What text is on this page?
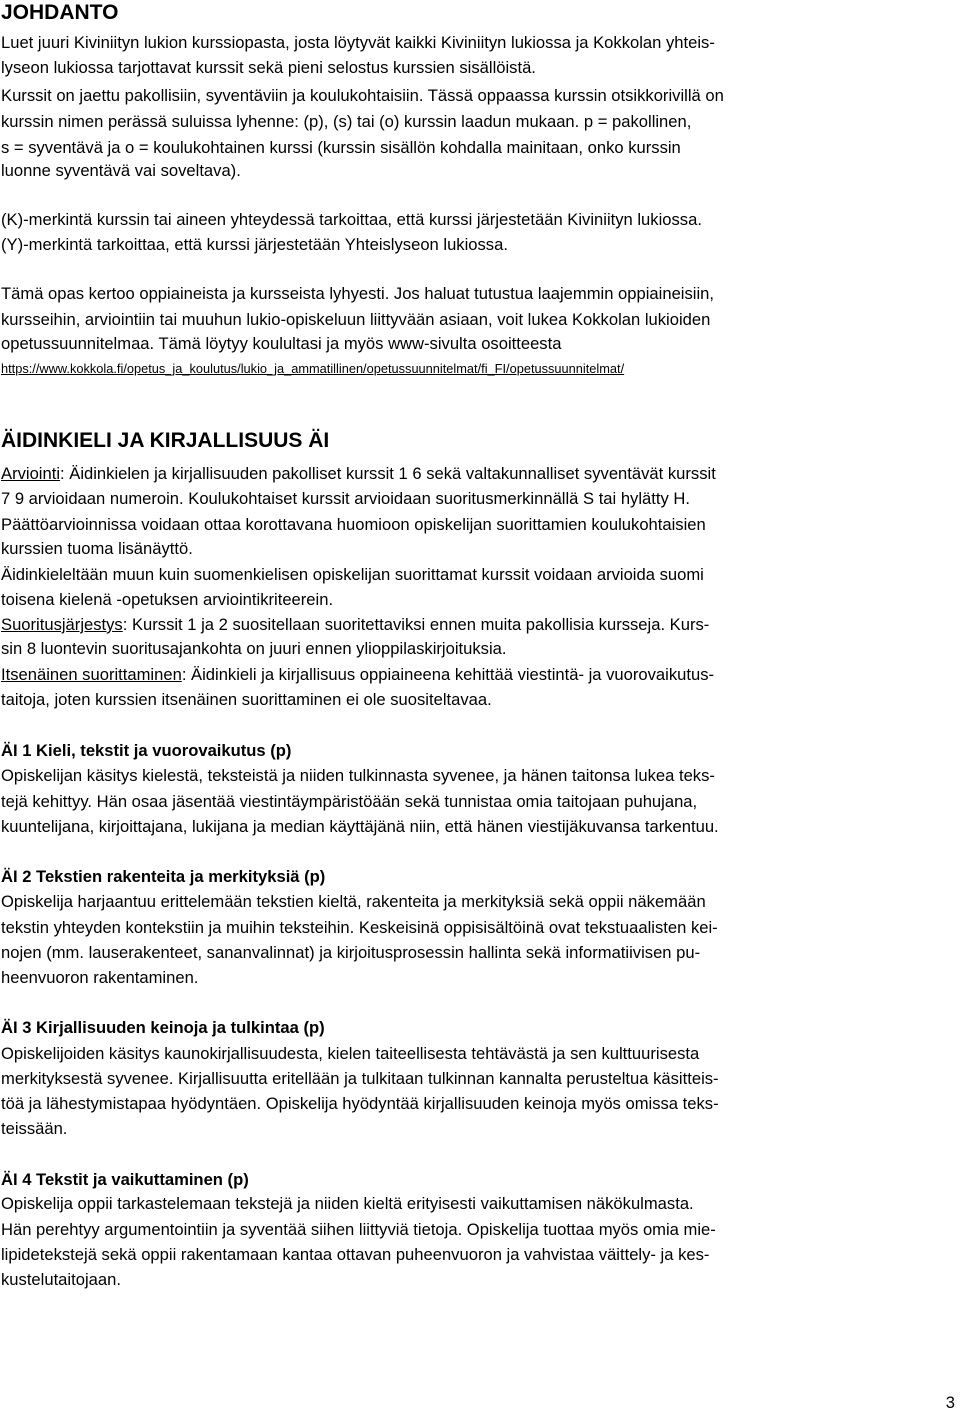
JOHDANTO
Luet juuri Kiviniityn lukion kurssiopasta, josta löytyvät kaikki Kiviniityn lukiossa ja Kokkolan yhteis-
lyseon lukiossa tarjottavat kurssit sekä pieni selostus kurssien sisällöistä.
Kurssit on jaettu pakollisiin, syventäviin ja koulukohtaisiin. Tässä oppaassa kurssin otsikkorivillä on
kurssin nimen perässä suluissa lyhenne: (p), (s) tai (o) kurssin laadun mukaan. p = pakollinen,
s = syventävä ja o = koulukohtainen kurssi (kurssin sisällön kohdalla mainitaan, onko kurssin
luonne syventävä vai soveltava).
(K)-merkintä kurssin tai aineen yhteydessä tarkoittaa, että kurssi järjestetään Kiviniityn lukiossa.
(Y)-merkintä tarkoittaa, että kurssi järjestetään Yhteislyseon lukiossa.
Tämä opas kertoo oppiaineista ja kursseista lyhyesti. Jos haluat tutustua laajemmin oppiaineisiin,
kursseihin, arviointiin tai muuhun lukio-opiskeluun liittyvään asiaan, voit lukea Kokkolan lukioiden
opetussuunnitelmaa. Tämä löytyy koulultasi ja myös www-sivulta osoitteesta
https://www.kokkola.fi/opetus_ja_koulutus/lukio_ja_ammatillinen/opetussuunnitelmat/fi_FI/opetussuunnitelmat/
ÄIDINKIELI JA KIRJALLISUUS ÄI
Arviointi: Äidinkielen ja kirjallisuuden pakolliset kurssit 1 6 sekä valtakunnalliset syventävät kurssit
7 9 arvioidaan numeroin. Koulukohtaiset kurssit arvioidaan suoritusmerkinnällä S tai hylätty H.
Päättöarvioinnissa voidaan ottaa korottavana huomioon opiskelijan suorittamien koulukohtaisien
kurssien tuoma lisänäyttö.
Äidinkieleltään muun kuin suomenkielisen opiskelijan suorittamat kurssit voidaan arvioida suomi
toisena kielenä -opetuksen arviointikriteerein.
Suoritusjärjestys: Kurssit 1 ja 2 suositellaan suoritettaviksi ennen muita pakollisia kursseja. Kurs-
sin 8 luontevin suoritusajankohta on juuri ennen ylioppilaskirjoituksia.
Itsenäinen suorittaminen: Äidinkieli ja kirjallisuus oppiaineena kehittää viestintä- ja vuorovaikutus-
taitoja, joten kurssien itsenäinen suorittaminen ei ole suositeltavaa.
ÄI 1 Kieli, tekstit ja vuorovaikutus (p)
Opiskelijan käsitys kielestä, teksteistä ja niiden tulkinnasta syvenee, ja hänen taitonsa lukea teks-
tejä kehittyy. Hän osaa jäsentää viestintäympäristöään sekä tunnistaa omia taitojaan puhujana,
kuuntelijana, kirjoittajana, lukijana ja median käyttäjänä niin, että hänen viestijäkuvansa tarkentuu.
ÄI 2 Tekstien rakenteita ja merkityksiä (p)
Opiskelija harjaantuu erittelemään tekstien kieltä, rakenteita ja merkityksiä sekä oppii näkemään
tekstin yhteyden kontekstiin ja muihin teksteihin. Keskeisinä oppisisältöinä ovat tekstuaalisten kei-
nojen (mm. lauserakenteet, sananvalinnat) ja kirjoitusprosessin hallinta sekä informatiivisen pu-
heenvuoron rakentaminen.
ÄI 3 Kirjallisuuden keinoja ja tulkintaa (p)
Opiskelijoiden käsitys kaunokirjallisuudesta, kielen taiteellisesta tehtävästä ja sen kulttuurisesta
merkityksestä syvenee. Kirjallisuutta eritellään ja tulkitaan tulkinnan kannalta perusteltua käsitteis-
töä ja lähestymistapaa hyödyntäen. Opiskelija hyödyntää kirjallisuuden keinoja myös omissa teks-
teissään.
ÄI 4 Tekstit ja vaikuttaminen (p)
Opiskelija oppii tarkastelemaan tekstejä ja niiden kieltä erityisesti vaikuttamisen näkökulmasta.
Hän perehtyy argumentointiin ja syventää siihen liittyviä tietoja. Opiskelija tuottaa myös omia mie-
lipidetekstejä sekä oppii rakentamaan kantaa ottavan puheenvuoron ja vahvistaa väittely- ja kes-
kustelutaitojaan.
3
